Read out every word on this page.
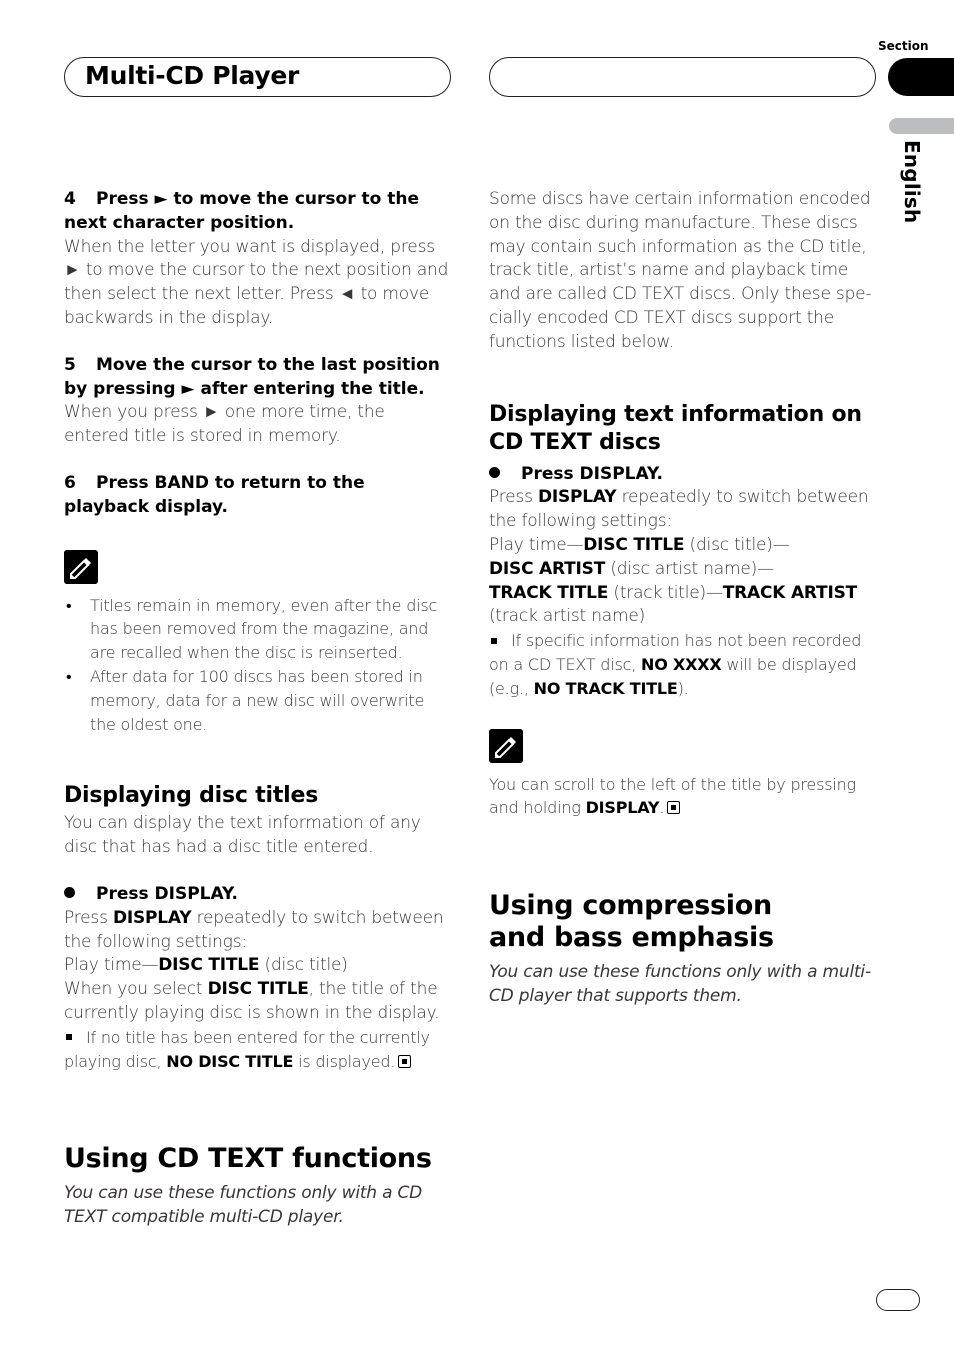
Multi-CD Player
Section
English

4 Press ► to move the cursor to the next character position.

When the letter you want is displayed, press ► to move the cursor to the next position and then select the next letter. Press ◄ to move backwards in the display.

5 Move the cursor to the last position by pressing ► after entering the title.

When you press ► one more time, the entered title is stored in memory.

6 Press BAND to return to the playback display.

• Titles remain in memory, even after the disc has been removed from the magazine, and are recalled when the disc is reinserted.
• After data for 100 discs has been stored in memory, data for a new disc will overwrite the oldest one.

Displaying disc titles

You can display the text information of any disc that has had a disc title entered.

Press DISPLAY.

Press DISPLAY repeatedly to switch between the following settings:
Play time—DISC TITLE (disc title)
When you select DISC TITLE, the title of the currently playing disc is shown in the display.

If no title has been entered for the currently playing disc, NO DISC TITLE is displayed.

Using CD TEXT functions

You can use these functions only with a CD TEXT compatible multi-CD player.

Some discs have certain information encoded on the disc during manufacture. These discs may contain such information as the CD title, track title, artist’s name and playback time and are called CD TEXT discs. Only these spe-cially encoded CD TEXT discs support the functions listed below.

Displaying text information on CD TEXT discs

Press DISPLAY.

Press DISPLAY repeatedly to switch between the following settings:
Play time—DISC TITLE (disc title)—
DISC ARTIST (disc artist name)—
TRACK TITLE (track title)—TRACK ARTIST
(track artist name)

If specific information has not been recorded on a CD TEXT disc, NO XXXX will be displayed (e.g., NO TRACK TITLE).

You can scroll to the left of the title by pressing and holding DISPLAY.

Using compression and bass emphasis

You can use these functions only with a multi-CD player that supports them.
